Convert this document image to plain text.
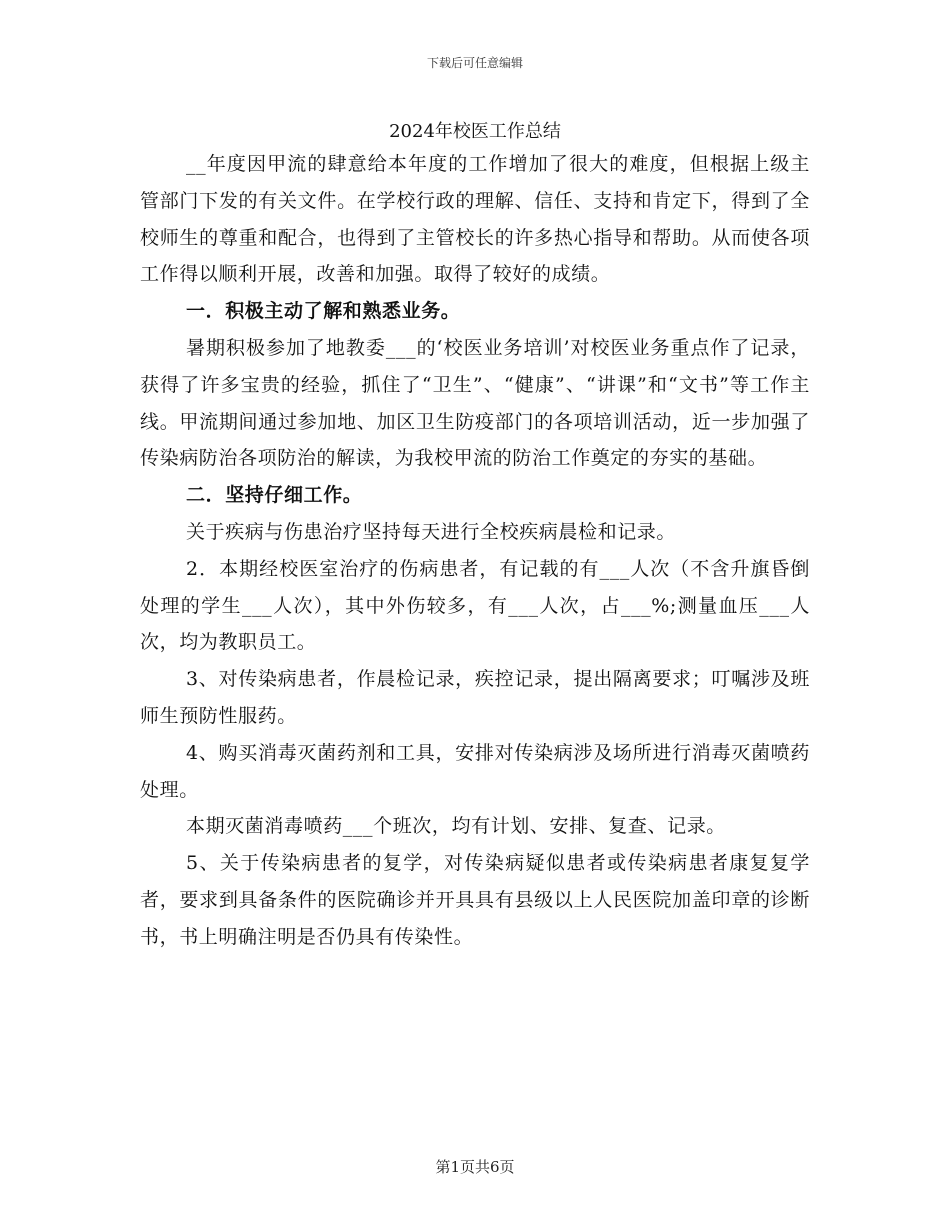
下载后可任意编辑
2024年校医工作总结

__年度因甲流的肆意给本年度的工作增加了很大的难度，但根据上级主管部门下发的有关文件。在学校行政的理解、信任、支持和肯定下，得到了全校师生的尊重和配合，也得到了主管校长的许多热心指导和帮助。从而使各项工作得以顺利开展，改善和加强。取得了较好的成绩。

一．积极主动了解和熟悉业务。

暑期积极参加了地教委___的‘校医业务培训’对校医业务重点作了记录，获得了许多宝贵的经验，抓住了“卫生”、“健康”、“讲课”和“文书”等工作主线。甲流期间通过参加地、加区卫生防疫部门的各项培训活动，近一步加强了传染病防治各项防治的解读，为我校甲流的防治工作奠定的夯实的基础。

二．坚持仔细工作。

关于疾病与伤患治疗坚持每天进行全校疾病晨检和记录。

2．本期经校医室治疗的伤病患者，有记载的有___人次（不含升旗昏倒处理的学生___人次），其中外伤较多，有___人次，占___%;测量血压___人次，均为教职员工。

3、对传染病患者，作晨检记录，疾控记录，提出隔离要求；叮嘱涉及班师生预防性服药。

4、购买消毒灭菌药剂和工具，安排对传染病涉及场所进行消毒灭菌喷药处理。

本期灭菌消毒喷药___个班次，均有计划、安排、复查、记录。

5、关于传染病患者的复学，对传染病疑似患者或传染病患者康复复学者，要求到具备条件的医院确诊并开具具有县级以上人民医院加盖印章的诊断书，书上明确注明是否仍具有传染性。

第1页共6页
